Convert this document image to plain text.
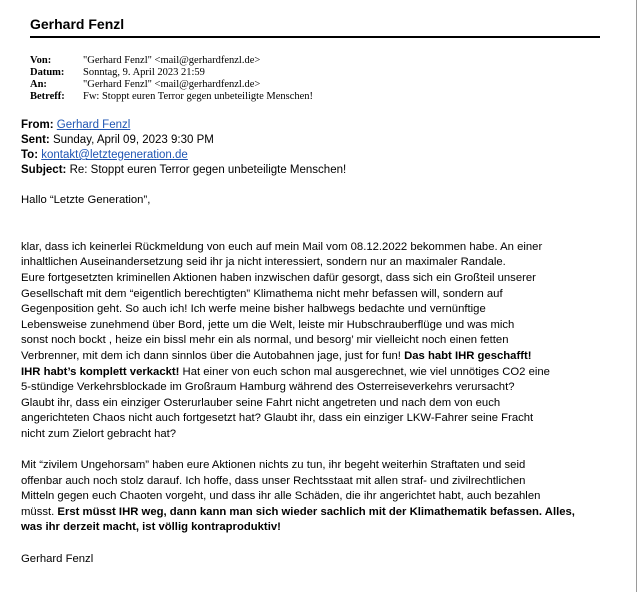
Gerhard Fenzl
Von:	"Gerhard Fenzl" <mail@gerhardfenzl.de>
Datum:	Sonntag, 9. April 2023 21:59
An:	"Gerhard Fenzl" <mail@gerhardfenzl.de>
Betreff:	Fw: Stoppt euren Terror gegen unbeteiligte Menschen!
From: Gerhard Fenzl
Sent: Sunday, April 09, 2023 9:30 PM
To: kontakt@letztegeneration.de
Subject: Re: Stoppt euren Terror gegen unbeteiligte Menschen!

Hallo “Letzte Generation”,

klar, dass ich keinerlei Rückmeldung von euch auf mein Mail vom 08.12.2022 bekommen habe. An einer

inhaltlichen Auseinandersetzung seid ihr ja nicht interessiert, sondern nur an maximaler Randale.

Eure fortgesetzten kriminellen Aktionen haben inzwischen dafür gesorgt, dass sich ein Großteil unserer

Gesellschaft mit dem “eigentlich berechtigten” Klimathema nicht mehr befassen will, sondern auf

Gegenposition geht. So auch ich! Ich werfe meine bisher halbwegs bedachte und vernünftige

Lebensweise zunehmend über Bord, jette um die Welt, leiste mir Hubschrauberflüge und was mich

sonst noch bockt , heize ein bissl mehr ein als normal, und besorg’ mir vielleicht noch einen fetten

Verbrenner, mit dem ich dann sinnlos über die Autobahnen jage, just for fun! Das habt IHR geschafft!

IHR habt’s komplett verkackt! Hat einer von euch schon mal ausgerechnet, wie viel unnötiges CO2 eine

5-stündige Verkehrsblockade im Großraum Hamburg während des Osterreiseverkehrs verursacht?

Glaubt ihr, dass ein einziger Osterurlauber seine Fahrt nicht angetreten und nach dem von euch

angerichteten Chaos nicht auch fortgesetzt hat? Glaubt ihr, dass ein einziger LKW-Fahrer seine Fracht

nicht zum Zielort gebracht hat?

Mit “zivilem Ungehorsam” haben eure Aktionen nichts zu tun, ihr begeht weiterhin Straftaten und seid

offenbar auch noch stolz darauf. Ich hoffe, dass unser Rechtsstaat mit allen straf- und zivilrechtlichen

Mitteln gegen euch Chaoten vorgeht, und dass ihr alle Schäden, die ihr angerichtet habt, auch bezahlen

müsst. Erst müsst IHR weg, dann kann man sich wieder sachlich mit der Klimathematik befassen. Alles,

was ihr derzeit macht, ist völlig kontraproduktiv!

Gerhard Fenzl
